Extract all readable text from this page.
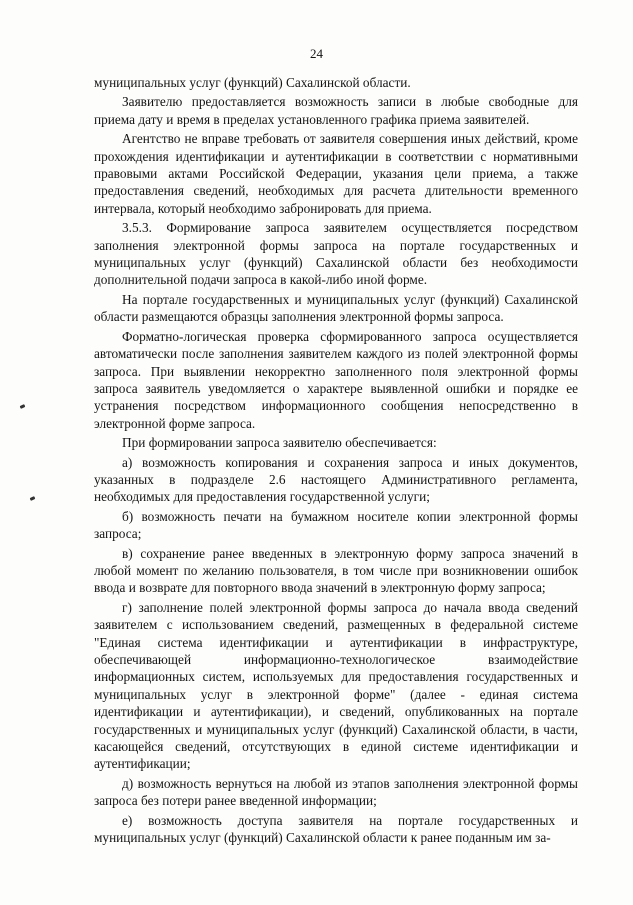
24

муниципальных услуг (функций) Сахалинской области.

Заявителю предоставляется возможность записи в любые свободные для приема дату и время в пределах установленного графика приема заявителей.

Агентство не вправе требовать от заявителя совершения иных действий, кроме прохождения идентификации и аутентификации в соответствии с нормативными правовыми актами Российской Федерации, указания цели приема, а также предоставления сведений, необходимых для расчета длительности временного интервала, который необходимо забронировать для приема.

3.5.3. Формирование запроса заявителем осуществляется посредством заполнения электронной формы запроса на портале государственных и муниципальных услуг (функций) Сахалинской области без необходимости дополнительной подачи запроса в какой-либо иной форме.

На портале государственных и муниципальных услуг (функций) Сахалинской области размещаются образцы заполнения электронной формы запроса.

Форматно-логическая проверка сформированного запроса осуществляется автоматически после заполнения заявителем каждого из полей электронной формы запроса. При выявлении некорректно заполненного поля электронной формы запроса заявитель уведомляется о характере выявленной ошибки и порядке ее устранения посредством информационного сообщения непосредственно в электронной форме запроса.

При формировании запроса заявителю обеспечивается:

а) возможность копирования и сохранения запроса и иных документов, указанных в подразделе 2.6 настоящего Административного регламента, необходимых для предоставления государственной услуги;

б) возможность печати на бумажном носителе копии электронной формы запроса;

в) сохранение ранее введенных в электронную форму запроса значений в любой момент по желанию пользователя, в том числе при возникновении ошибок ввода и возврате для повторного ввода значений в электронную форму запроса;

г) заполнение полей электронной формы запроса до начала ввода сведений заявителем с использованием сведений, размещенных в федеральной системе "Единая система идентификации и аутентификации в инфраструктуре, обеспечивающей информационно-технологическое взаимодействие информационных систем, используемых для предоставления государственных и муниципальных услуг в электронной форме" (далее - единая система идентификации и аутентификации), и сведений, опубликованных на портале государственных и муниципальных услуг (функций) Сахалинской области, в части, касающейся сведений, отсутствующих в единой системе идентификации и аутентификации;

д) возможность вернуться на любой из этапов заполнения электронной формы запроса без потери ранее введенной информации;

е) возможность доступа заявителя на портале государственных и муниципальных услуг (функций) Сахалинской области к ранее поданным им за-
